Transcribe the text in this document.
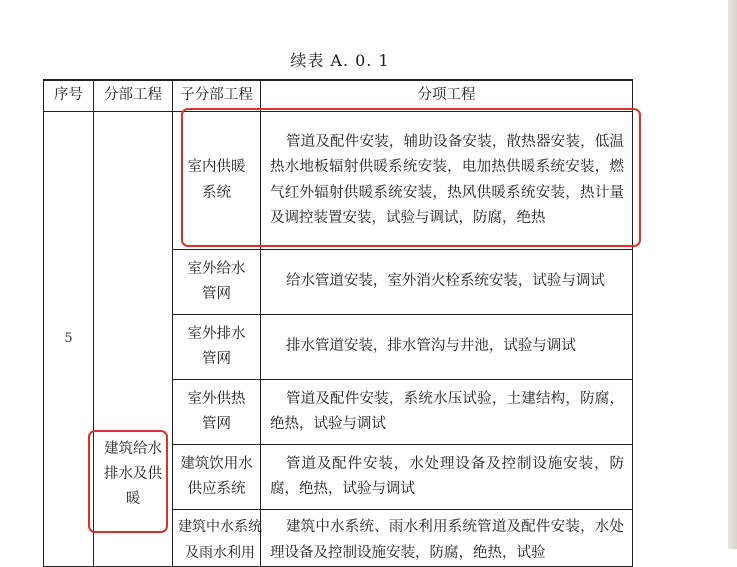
续表 A. 0. 1
序号	分部工程	子分部工程	分项工程
5	建筑给水排水及供暖	室内供暖系统	管道及配件安装，辅助设备安装，散热器安装，低温热水地板辐射供暖系统安装，电加热供暖系统安装，燃气红外辐射供暖系统安装，热风供暖系统安装，热计量及调控装置安装，试验与调试，防腐，绝热

		室外给水管网	给水管道安装，室外消火栓系统安装，试验与调试

		室外排水管网	排水管道安装，排水管沟与井池，试验与调试

		室外供热管网	管道及配件安装，系统水压试验，土建结构，防腐，绝热，试验与调试

		建筑饮用水供应系统	管道及配件安装，水处理设备及控制设施安装，防腐，绝热，试验与调试

		建筑中水系统及雨水利用	建筑中水系统、雨水利用系统管道及配件安装，水处理设备及控制设施安装，防腐，绝热，试验
